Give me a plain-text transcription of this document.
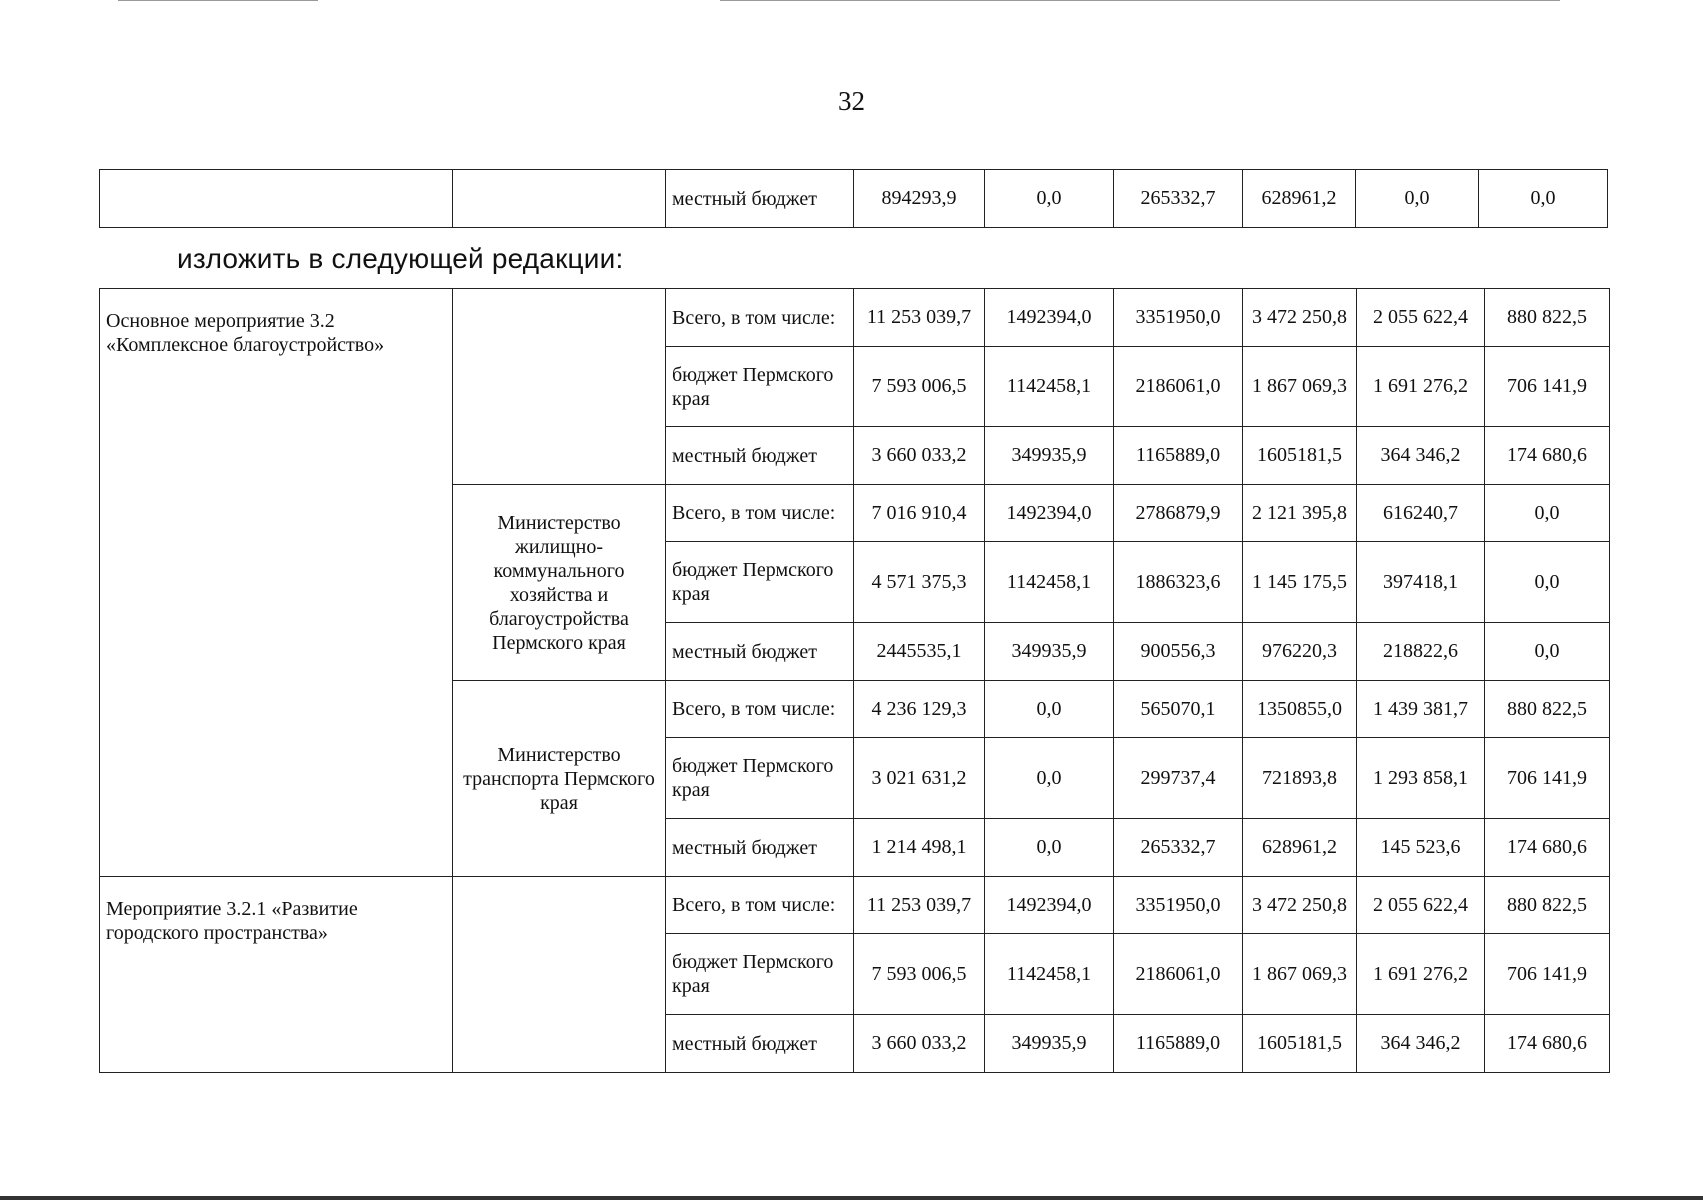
32
		местный бюджет	894293,9	0,0	265332,7	628961,2	0,0	0,0
изложить в следующей редакции:
Основное мероприятие 3.2 «Комплексное благоустройство»		Всего, в том числе:	11 253 039,7	1492394,0	3351950,0	3 472 250,8	2 055 622,4	880 822,5
		бюджет Пермского края	7 593 006,5	1142458,1	2186061,0	1 867 069,3	1 691 276,2	706 141,9
		местный бюджет	3 660 033,2	349935,9	1165889,0	1605181,5	364 346,2	174 680,6
	Министерство жилищно-коммунального хозяйства и благоустройства Пермского края	Всего, в том числе:	7 016 910,4	1492394,0	2786879,9	2 121 395,8	616240,7	0,0
		бюджет Пермского края	4 571 375,3	1142458,1	1886323,6	1 145 175,5	397418,1	0,0
		местный бюджет	2445535,1	349935,9	900556,3	976220,3	218822,6	0,0
	Министерство транспорта Пермского края	Всего, в том числе:	4 236 129,3	0,0	565070,1	1350855,0	1 439 381,7	880 822,5
		бюджет Пермского края	3 021 631,2	0,0	299737,4	721893,8	1 293 858,1	706 141,9
		местный бюджет	1 214 498,1	0,0	265332,7	628961,2	145 523,6	174 680,6
Мероприятие 3.2.1 «Развитие городского пространства»		Всего, в том числе:	11 253 039,7	1492394,0	3351950,0	3 472 250,8	2 055 622,4	880 822,5
		бюджет Пермского края	7 593 006,5	1142458,1	2186061,0	1 867 069,3	1 691 276,2	706 141,9
		местный бюджет	3 660 033,2	349935,9	1165889,0	1605181,5	364 346,2	174 680,6
